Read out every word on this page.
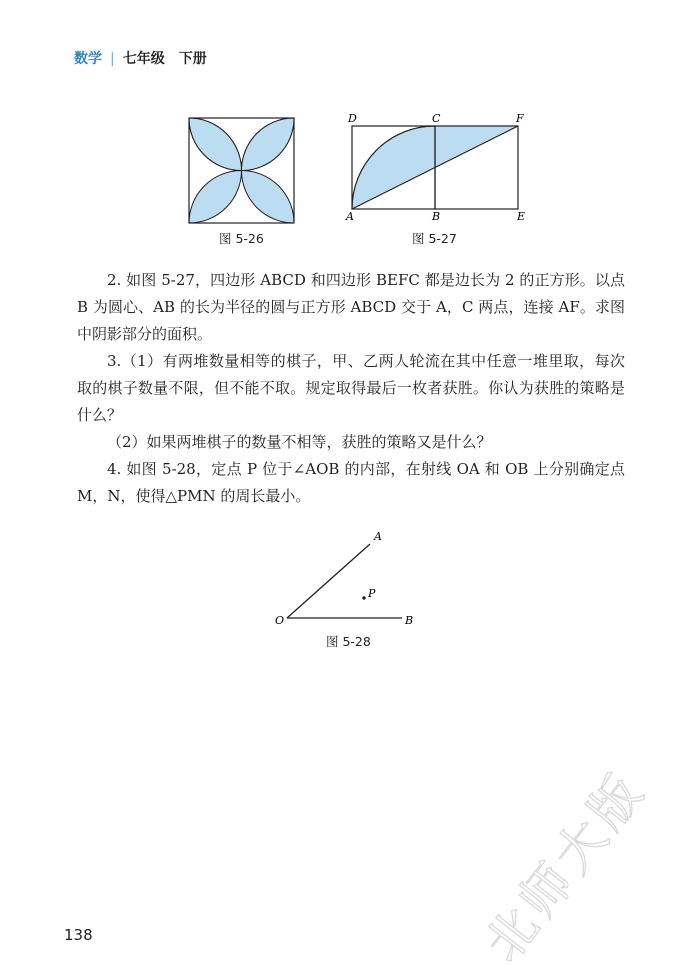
数学 | 七年级　下册
图 5-26
D	C	F
A	B	E
图 5-27

2. 如图 5-27，四边形 ABCD 和四边形 BEFC 都是边长为 2 的正方形。以点 B 为圆心、AB 的长为半径的圆与正方形 ABCD 交于 A，C 两点，连接 AF。求图中阴影部分的面积。

3.（1）有两堆数量相等的棋子，甲、乙两人轮流在其中任意一堆里取，每次取的棋子数量不限，但不能不取。规定取得最后一枚者获胜。你认为获胜的策略是什么？

（2）如果两堆棋子的数量不相等，获胜的策略又是什么？

4. 如图 5-28，定点 P 位于∠AOB 的内部，在射线 OA 和 OB 上分别确定点 M，N，使得△PMN 的周长最小。

O
A
B
P
图 5-28
138	北师大版
